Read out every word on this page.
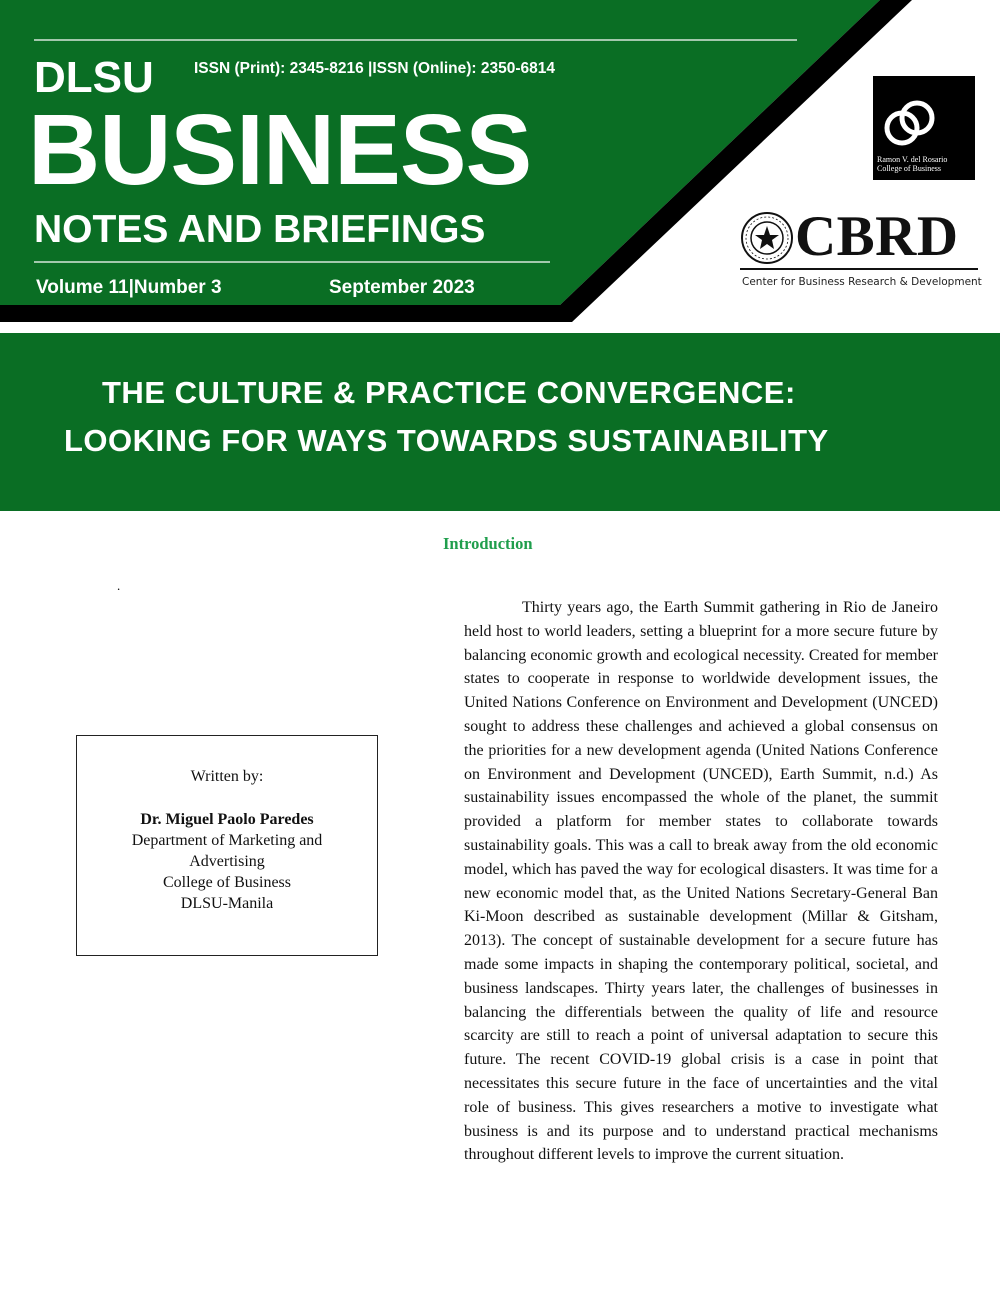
DLSU	ISSN (Print): 2345-8216 |ISSN (Online): 2350-6814
BUSINESS
NOTES AND BRIEFINGS
Volume 11|Number 3	September 2023
Ramon V. del Rosario
College of Business
CBRD
Center for Business Research & Development
THE CULTURE & PRACTICE CONVERGENCE:
LOOKING FOR WAYS TOWARDS SUSTAINABILITY
Introduction
.
Written by:
Dr. Miguel Paolo Paredes
Department of Marketing and
Advertising
College of Business
DLSU-Manila

Thirty years ago, the Earth Summit gathering in Rio de Janeiro held host to world leaders, setting a blueprint for a more secure future by balancing economic growth and ecological necessity. Created for member states to cooperate in response to worldwide development issues, the United Nations Conference on Environment and Development (UNCED) sought to address these challenges and achieved a global consensus on the priorities for a new development agenda (United Nations Conference on Environment and Development (UNCED), Earth Summit, n.d.) As sustainability issues encompassed the whole of the planet, the summit provided a platform for member states to collaborate towards sustainability goals. This was a call to break away from the old economic model, which has paved the way for ecological disasters. It was time for a new economic model that, as the United Nations Secretary-General Ban Ki-Moon described as sustainable development (Millar & Gitsham, 2013). The concept of sustainable development for a secure future has made some impacts in shaping the contemporary political, societal, and business landscapes. Thirty years later, the challenges of businesses in balancing the differentials between the quality of life and resource scarcity are still to reach a point of universal adaptation to secure this future. The recent COVID-19 global crisis is a case in point that necessitates this secure future in the face of uncertainties and the vital role of business. This gives researchers a motive to investigate what business is and its purpose and to understand practical mechanisms throughout different levels to improve the current situation.
